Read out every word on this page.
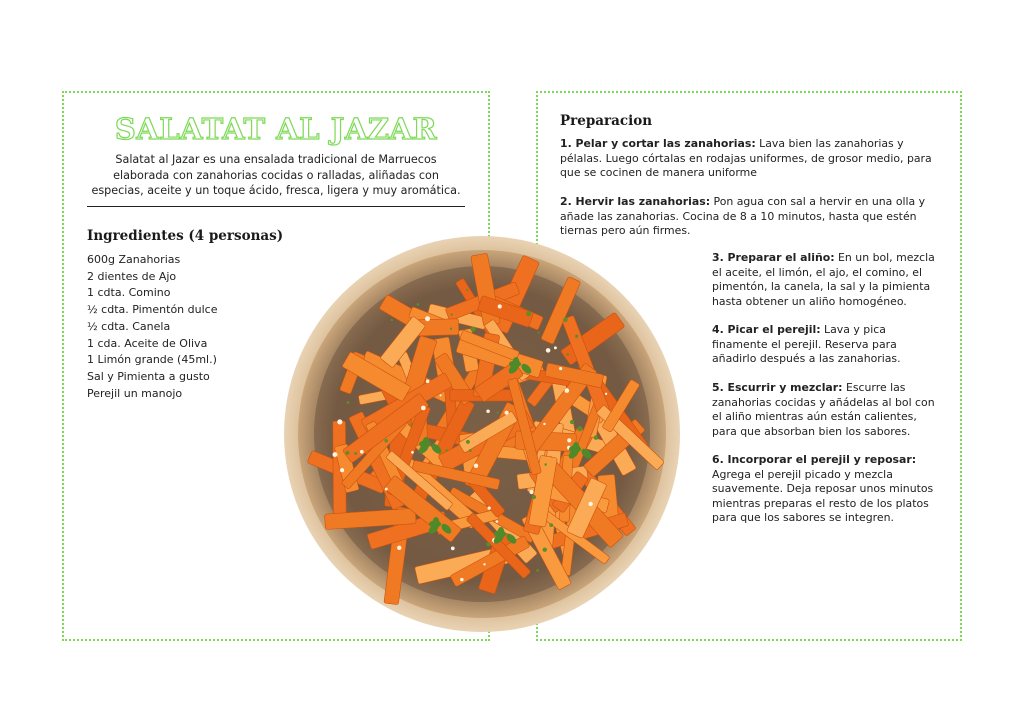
SALATAT AL JAZAR
Salatat al Jazar es una ensalada tradicional de Marruecos elaborada con zanahorias cocidas o ralladas, aliñadas con especias, aceite y un toque ácido, fresca, ligera y muy aromática.
Ingredientes (4 personas)
600g Zanahorias
2 dientes de Ajo
1 cdta. Comino
½ cdta. Pimentón dulce
½ cdta. Canela
1 cda. Aceite de Oliva
1 Limón grande (45ml.)
Sal y Pimienta a gusto
Perejil un manojo
Preparacion
1. Pelar y cortar las zanahorias: Lava bien las zanahorias y pélalas. Luego córtalas en rodajas uniformes, de grosor medio, para que se cocinen de manera uniforme
2. Hervir las zanahorias: Pon agua con sal a hervir en una olla y añade las zanahorias. Cocina de 8 a 10 minutos, hasta que estén tiernas pero aún firmes.
3. Preparar el aliño: En un bol, mezcla el aceite, el limón, el ajo, el comino, el pimentón, la canela, la sal y la pimienta hasta obtener un aliño homogéneo.
4. Picar el perejil: Lava y pica finamente el perejil. Reserva para añadirlo después a las zanahorias.
5. Escurrir y mezclar: Escurre las zanahorias cocidas y añádelas al bol con el aliño mientras aún están calientes, para que absorban bien los sabores.
6. Incorporar el perejil y reposar: Agrega el perejil picado y mezcla suavemente. Deja reposar unos minutos mientras preparas el resto de los platos para que los sabores se integren.
